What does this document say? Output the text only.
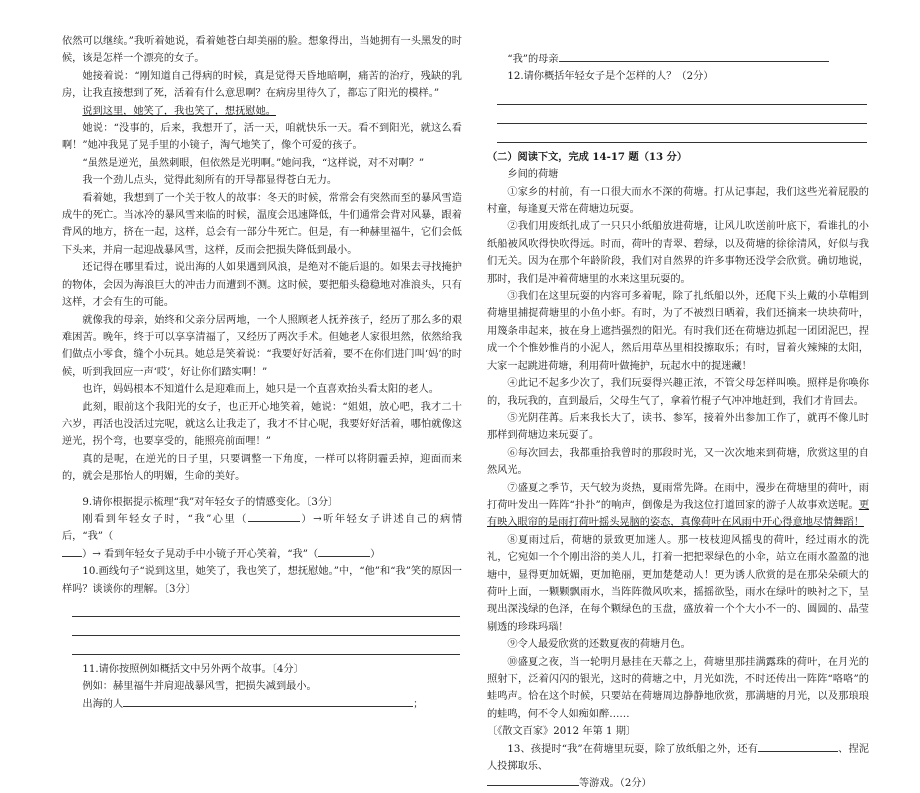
依然可以继续。”我听着她说，看着她苍白却美丽的脸。想象得出，当她拥有一头黑发的时候，该是怎样一个漂亮的女子。

她接着说：“刚知道自己得病的时候，真是觉得天昏地暗啊，痛苦的治疗，残缺的乳房，让我直接想到了死，活着有什么意思啊？在病房里待久了，都忘了阳光的模样。”

说到这里，她笑了，我也笑了，想抚慰她。

她说：“没事的，后来，我想开了，活一天，咱就快乐一天。看不到阳光，就这么看啊！”她冲我晃了晃手里的小镜子，淘气地笑了，像个可爱的孩子。

“虽然是逆光，虽然刺眼，但依然是光明啊。”她问我，“这样说，对不对啊？”

我一个劲儿点头，觉得此刻所有的开导都显得苍白无力。

看着她，我想到了一个关于牧人的故事：冬天的时候，常常会有突然而至的暴风雪造成牛的死亡。当冰冷的暴风雪来临的时候，温度会迅速降低，牛们通常会背对风暴，跟着背风的地方，挤在一起，这样，总会有一部分牛死亡。但是，有一种赫里福牛，它们会低下头来，并肩一起迎战暴风雪，这样，反而会把损失降低到最小。

还记得在哪里看过，说出海的人如果遇到风浪，是绝对不能后退的。如果去寻找掩护的物体，会因为海浪巨大的冲击力而遭到不测。这时候，要把船头稳稳地对准浪头，只有这样，才会有生的可能。

就像我的母亲，始终和父亲分居两地，一个人照顾老人抚养孩子，经历了那么多的艰难困苦。晚年，终于可以享享清福了，又经历了两次手术。但她老人家很坦然，依然给我们做点小零食，缝个小玩具。她总是笑着说：“我要好好活着，要不在你们进门叫‘妈’的时候，听到我回应一声‘哎’，好让你们踏实啊！”

也许，妈妈根本不知道什么是迎难而上，她只是一个直喜欢抬头看太阳的老人。

此刻，眼前这个我阳光的女子，也正开心地笑着，她说：“姐姐，放心吧，我才二十六岁，再活也没活过完呢，就这么让我走了，我才不甘心呢，我要好好活着，哪怕就像这逆光，拐个弯，也要享受的，能照亮前面哩！”

真的是呢，在逆光的日子里，只要调整一下角度，一样可以将阴霾丢掉，迎面而来的，就会是那怡人的明媚，生命的美好。

9.请你根据提示梳理“我”对年轻女子的情感变化。〔3分〕

刚看到年轻女子时，“我”心里（	）→听年轻女子讲述自己的病情后，“我”（

）→ 看到年轻女子晃动手中小镜子开心笑着，“我”（	）

10.画线句子“说到这里，她笑了，我也笑了，想抚慰她。”中，“他”和“我”笑的原因一样吗？谈谈你的理解。〔3分〕

11.请你按照例如概括文中另外两个故事。〔4分〕

例如：赫里福牛并肩迎战暴风雪，把损失减到最小。

出海的人	；

“我”的母亲

12.请你概括年轻女子是个怎样的人？（2分）

（二）阅读下文，完成 14-17 题（13 分）

乡间的荷塘

①家乡的村前，有一口很大而水不深的荷塘。打从记事起，我们这些光着屁股的村童，每逢夏天常在荷塘边玩耍。

②我们用废纸扎成了一只只小纸船放进荷塘，让风儿吹送前叶底下，看谁扎的小纸船被风吹得快吹得远。时而，荷叶的青翠、碧绿，以及荷塘的徐徐清风，好似与我们无关。因为在那个年龄阶段，我们对自然界的许多事物还没学会欣赏。确切地说，那时，我们是冲着荷塘里的水来这里玩耍的。

③我们在这里玩耍的内容可多着呢，除了扎纸船以外，还爬下头上戴的小草帽到荷塘里捕捉荷塘里的小鱼小虾。有时，为了不被烈日晒着，我们还摘来一块块荷叶，用篾条串起来，披在身上遮挡强烈的阳光。有时我们还在荷塘边抓起一团团泥巴，捏成一个个惟妙惟肖的小泥人，然后用草丛里相投擦取乐；有时，冒着火辣辣的太阳，大家一起跳进荷塘，利用荷叶做掩护，玩起水中的捉迷藏！

④此记不起多少次了，我们玩耍得兴趣正浓，不管父母怎样叫唤。照样是你唤你的，我玩我的，直到最后，父母生气了，拿着竹棍子气冲冲地赶到，我们才肯回去。

⑤光阴荏苒。后来我长大了，读书、参军，接着外出参加工作了，就再不像儿时那样到荷塘边来玩耍了。

⑥每次回去，我都重拾我曾时的那段时光，又一次次地来到荷塘，欣赏这里的自然风光。

⑦盛夏之季节，天气较为炎热，夏雨常先降。在雨中，漫步在荷塘里的荷叶，雨打荷叶发出一阵阵“扑扑”的响声，倒像是为我这位打道回家的游子人故事欢送呢。更有映入眼帘的是雨打荷叶摇头晃脑的姿态，真像荷叶在风雨中开心得意地尽情舞蹈！

⑧夏雨过后，荷塘的景致更加迷人。那一枝枝迎风摇曳的荷叶，经过雨水的洗礼，它宛如一个个刚出浴的美人儿，打着一把把翠绿色的小伞，站立在雨水盈盈的池塘中，显得更加妩媚，更加艳丽，更加楚楚动人！更为诱人欣赏的是在那朵朵硕大的荷叶上面，一颗颗飘雨水，当阵阵微风吹来，摇摇欲坠，雨水在绿叶的映衬之下，呈现出深浅绿的色泽，在每个颗绿色的玉盘，盛放着一个个大小不一的、圆圆的、晶莹剔透的珍珠玛瑙！

⑨令人最爱欣赏的还数夏夜的荷塘月色。

⑩盛夏之夜，当一轮明月悬挂在天幕之上，荷塘里那挂满露珠的荷叶，在月光的照射下，泛着闪闪的银光，这时的荷塘之中，月光如洗，不时还传出一阵阵“咯咯”的蛙鸣声。恰在这个时候，只要站在荷塘周边静静地欣赏，那满塘的月光，以及那琅琅的蛙鸣，何不令人如痴如醉……

〔《散文百家》2012 年第 1 期〕

13、孩提时“我”在荷塘里玩耍，除了放纸船之外，还有	、捏泥人投掷取乐、

等游戏。（2分）
